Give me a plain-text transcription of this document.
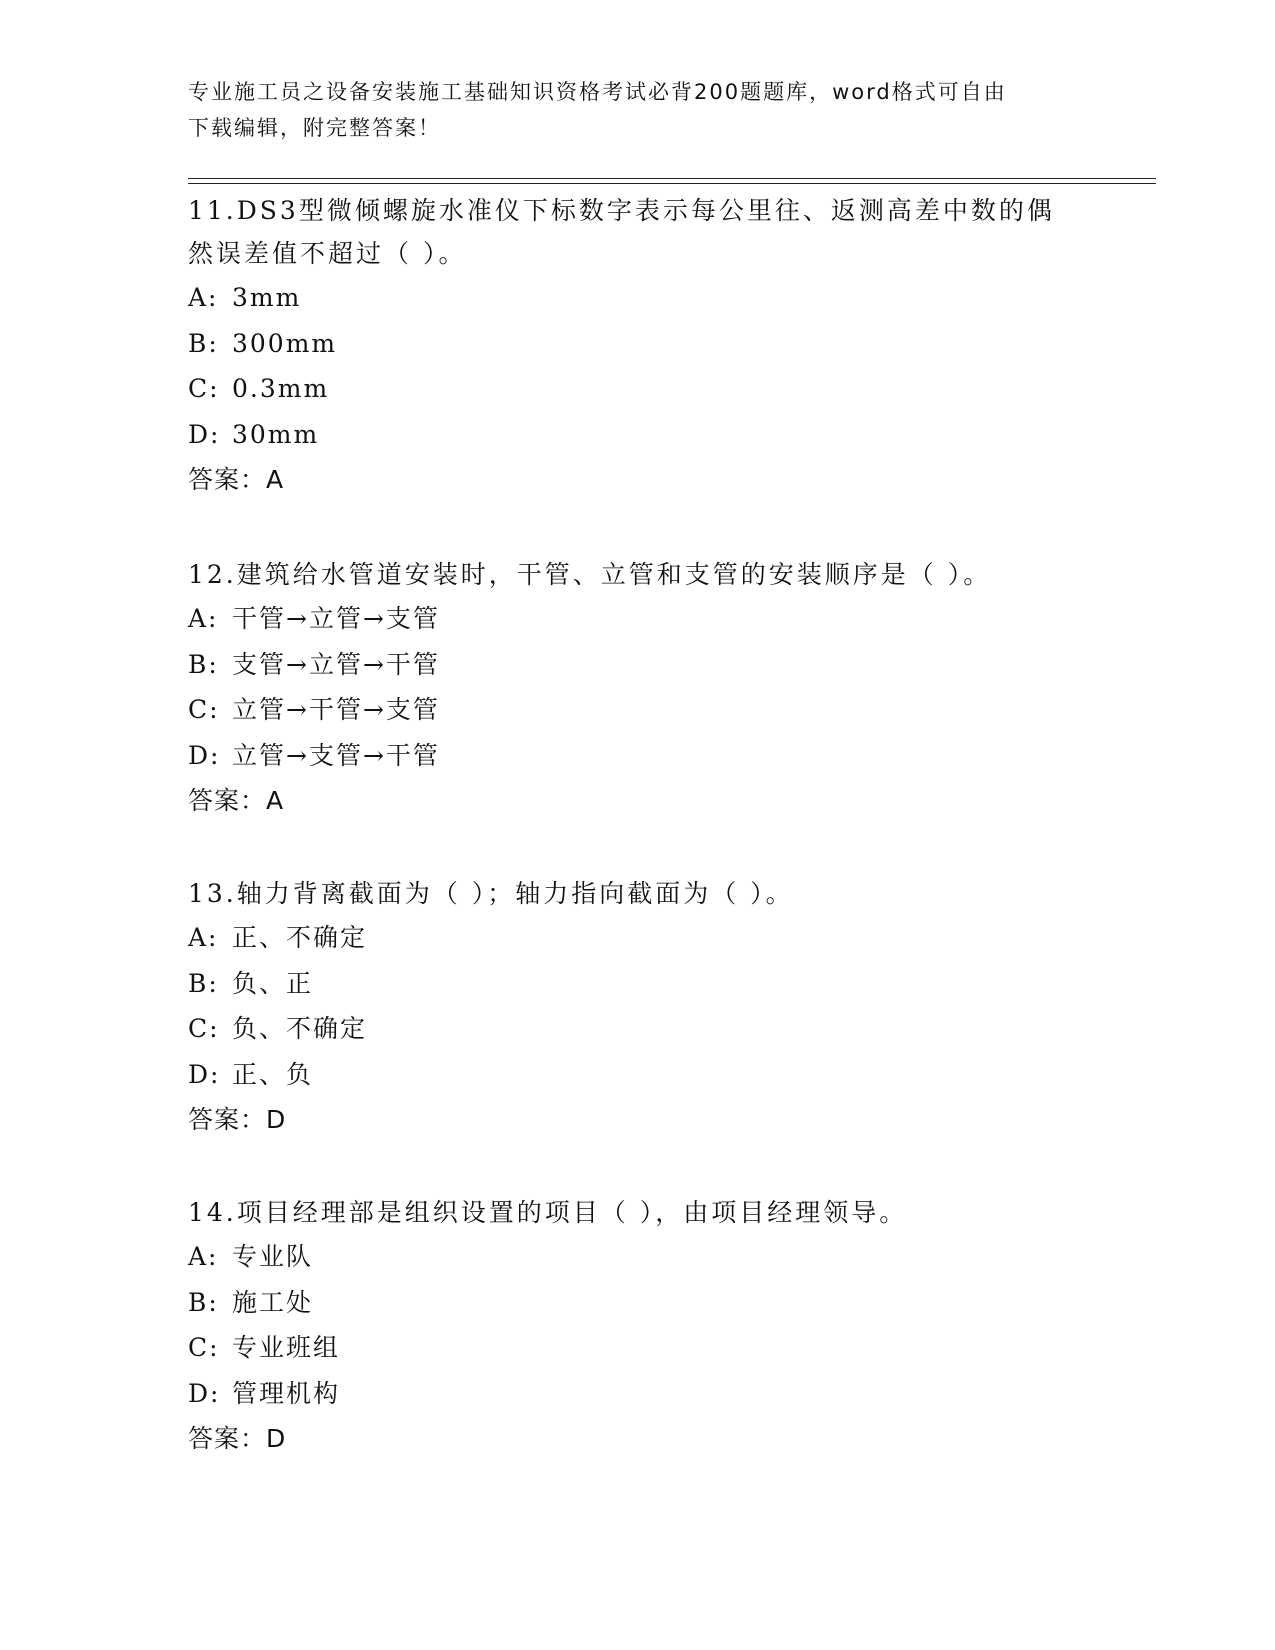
专业施工员之设备安装施工基础知识资格考试必背200题题库，word格式可自由
下载编辑，附完整答案！
11.DS3型微倾螺旋水准仪下标数字表示每公里往、返测高差中数的偶
然误差值不超过（ ）。
A: 3mm
B: 300mm
C: 0.3mm
D: 30mm
答案：A
12.建筑给水管道安装时，干管、立管和支管的安装顺序是（ ）。
A: 干管→立管→支管
B: 支管→立管→干管
C: 立管→干管→支管
D: 立管→支管→干管
答案：A
13.轴力背离截面为（ ）；轴力指向截面为（ ）。
A: 正、不确定
B: 负、正
C: 负、不确定
D: 正、负
答案：D
14.项目经理部是组织设置的项目（ ），由项目经理领导。
A: 专业队
B: 施工处
C: 专业班组
D: 管理机构
答案：D
